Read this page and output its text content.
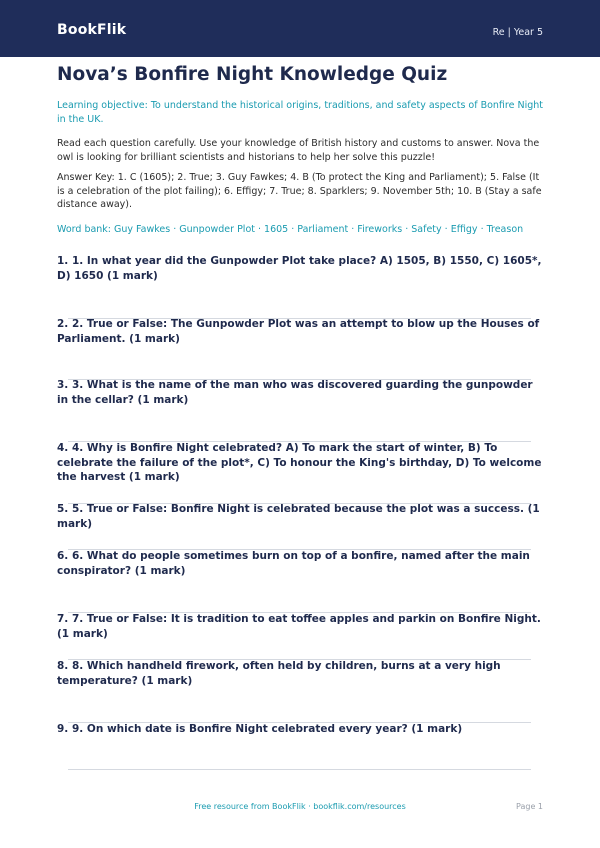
BookFlik	Re | Year 5
Nova’s Bonfire Night Knowledge Quiz
Learning objective: To understand the historical origins, traditions, and safety aspects of Bonfire Night in the UK.
Read each question carefully. Use your knowledge of British history and customs to answer. Nova the owl is looking for brilliant scientists and historians to help her solve this puzzle!
Answer Key: 1. C (1605); 2. True; 3. Guy Fawkes; 4. B (To protect the King and Parliament); 5. False (It is a celebration of the plot failing); 6. Effigy; 7. True; 8. Sparklers; 9. November 5th; 10. B (Stay a safe distance away).
Word bank: Guy Fawkes · Gunpowder Plot · 1605 · Parliament · Fireworks · Safety · Effigy · Treason
1. 1. In what year did the Gunpowder Plot take place? A) 1505, B) 1550, C) 1605*, D) 1650 (1 mark)
2. 2. True or False: The Gunpowder Plot was an attempt to blow up the Houses of Parliament. (1 mark)
3. 3. What is the name of the man who was discovered guarding the gunpowder in the cellar? (1 mark)
4. 4. Why is Bonfire Night celebrated? A) To mark the start of winter, B) To celebrate the failure of the plot*, C) To honour the King's birthday, D) To welcome the harvest (1 mark)
5. 5. True or False: Bonfire Night is celebrated because the plot was a success. (1 mark)
6. 6. What do people sometimes burn on top of a bonfire, named after the main conspirator? (1 mark)
7. 7. True or False: It is tradition to eat toffee apples and parkin on Bonfire Night. (1 mark)
8. 8. Which handheld firework, often held by children, burns at a very high temperature? (1 mark)
9. 9. On which date is Bonfire Night celebrated every year? (1 mark)
Free resource from BookFlik · bookflik.com/resources	Page 1
